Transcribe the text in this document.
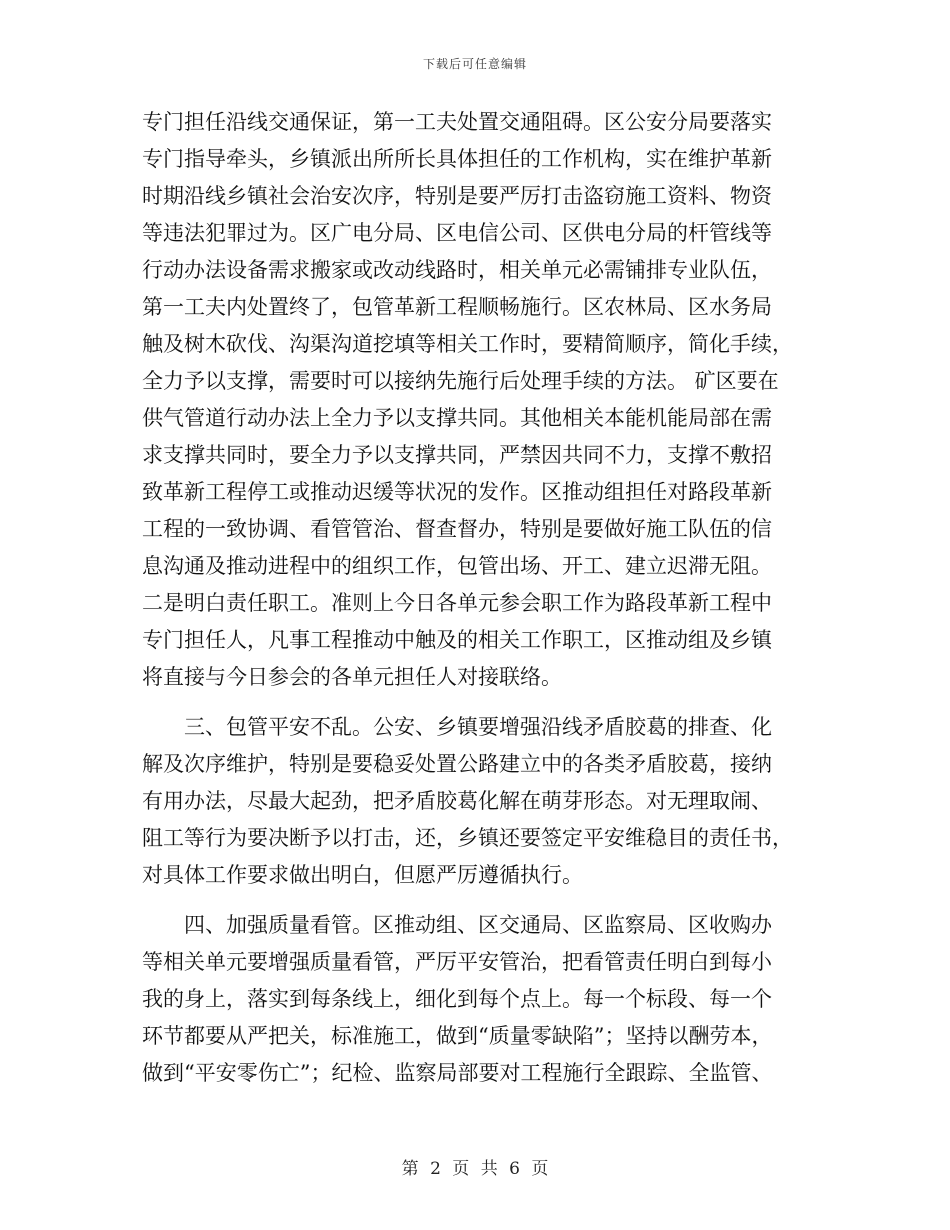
下载后可任意编辑
专门担任沿线交通保证，第一工夫处置交通阻碍。区公安分局要落实
专门指导牵头，乡镇派出所所长具体担任的工作机构，实在维护革新
时期沿线乡镇社会治安次序，特别是要严厉打击盗窃施工资料、物资
等违法犯罪过为。区广电分局、区电信公司、区供电分局的杆管线等
行动办法设备需求搬家或改动线路时，相关单元必需铺排专业队伍，
第一工夫内处置终了，包管革新工程顺畅施行。区农林局、区水务局
触及树木砍伐、沟渠沟道挖填等相关工作时，要精简顺序，简化手续，
全力予以支撑，需要时可以接纳先施行后处理手续的方法。 矿区要在
供气管道行动办法上全力予以支撑共同。其他相关本能机能局部在需
求支撑共同时，要全力予以支撑共同，严禁因共同不力，支撑不敷招
致革新工程停工或推动迟缓等状况的发作。区推动组担任对路段革新
工程的一致协调、看管管治、督查督办，特别是要做好施工队伍的信
息沟通及推动进程中的组织工作，包管出场、开工、建立迟滞无阻。
二是明白责任职工。准则上今日各单元参会职工作为路段革新工程中
专门担任人，凡事工程推动中触及的相关工作职工，区推动组及乡镇
将直接与今日参会的各单元担任人对接联络。
　　三、包管平安不乱。公安、乡镇要增强沿线矛盾胶葛的排查、化
解及次序维护，特别是要稳妥处置公路建立中的各类矛盾胶葛，接纳
有用办法，尽最大起劲，把矛盾胶葛化解在萌芽形态。对无理取闹、
阻工等行为要决断予以打击，还，乡镇还要签定平安维稳目的责任书，
对具体工作要求做出明白，但愿严厉遵循执行。
　　四、加强质量看管。区推动组、区交通局、区监察局、区收购办
等相关单元要增强质量看管，严厉平安管治，把看管责任明白到每小
我的身上，落实到每条线上，细化到每个点上。每一个标段、每一个
环节都要从严把关，标准施工，做到“质量零缺陷”；坚持以酬劳本，
做到“平安零伤亡”；纪检、监察局部要对工程施行全跟踪、全监管、
第 2 页 共 6 页
